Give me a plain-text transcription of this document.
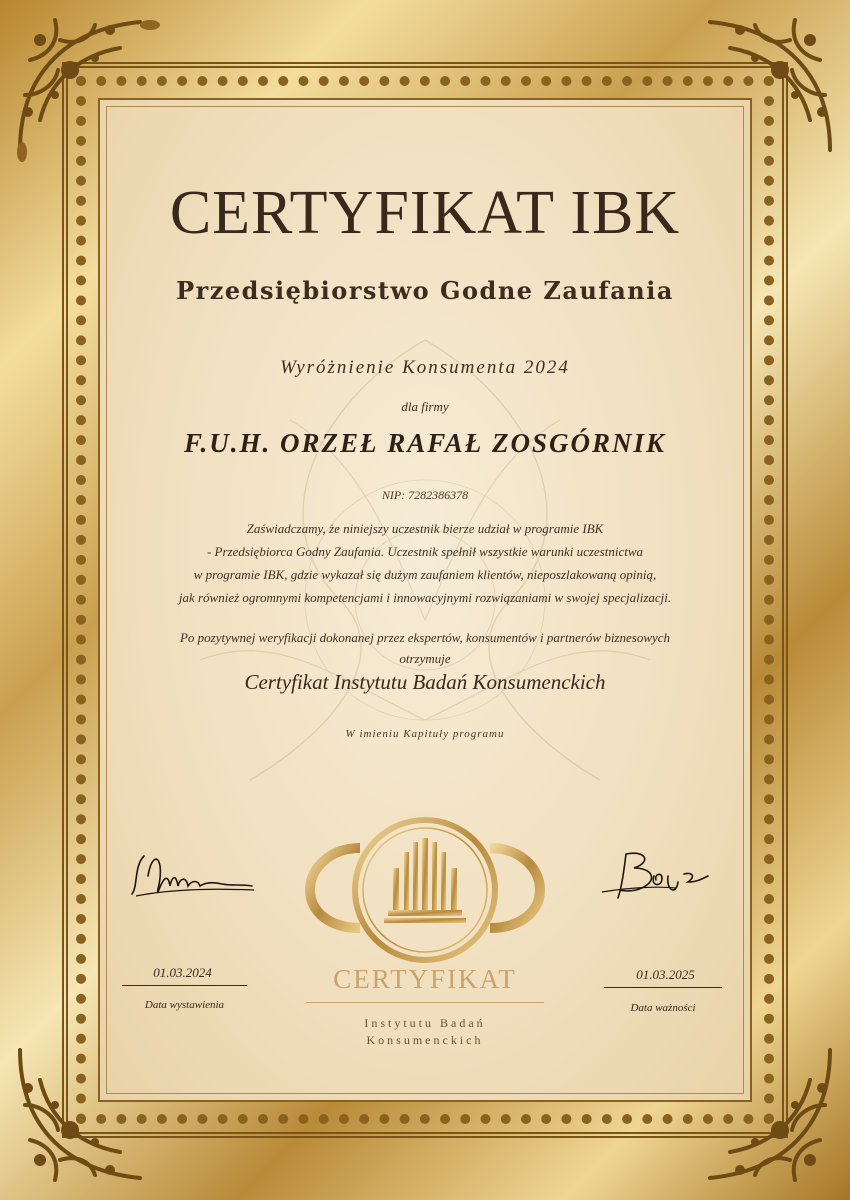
CERTYFIKAT IBK
Przedsiębiorstwo Godne Zaufania
Wyróżnienie Konsumenta 2024
dla firmy
F.U.H. ORZEŁ RAFAŁ ZOSGÓRNIK
NIP: 7282386378
Zaświadczamy, że niniejszy uczestnik bierze udział w programie IBK
- Przedsiębiorca Godny Zaufania. Uczestnik spełnił wszystkie warunki uczestnictwa
w programie IBK, gdzie wykazał się dużym zaufaniem klientów, nieposzlakowaną opinią,
jak również ogromnymi kompetencjami i innowacyjnymi rozwiązaniami w swojej specjalizacji.
Po pozytywnej weryfikacji dokonanej przez ekspertów, konsumentów i partnerów biznesowych
otrzymuje
Certyfikat Instytutu Badań Konsumenckich
W imieniu Kapituły programu
01.03.2024
Data wystawienia
01.03.2025
Data ważności
CERTYFIKAT
Instytutu Badań
Konsumenckich
